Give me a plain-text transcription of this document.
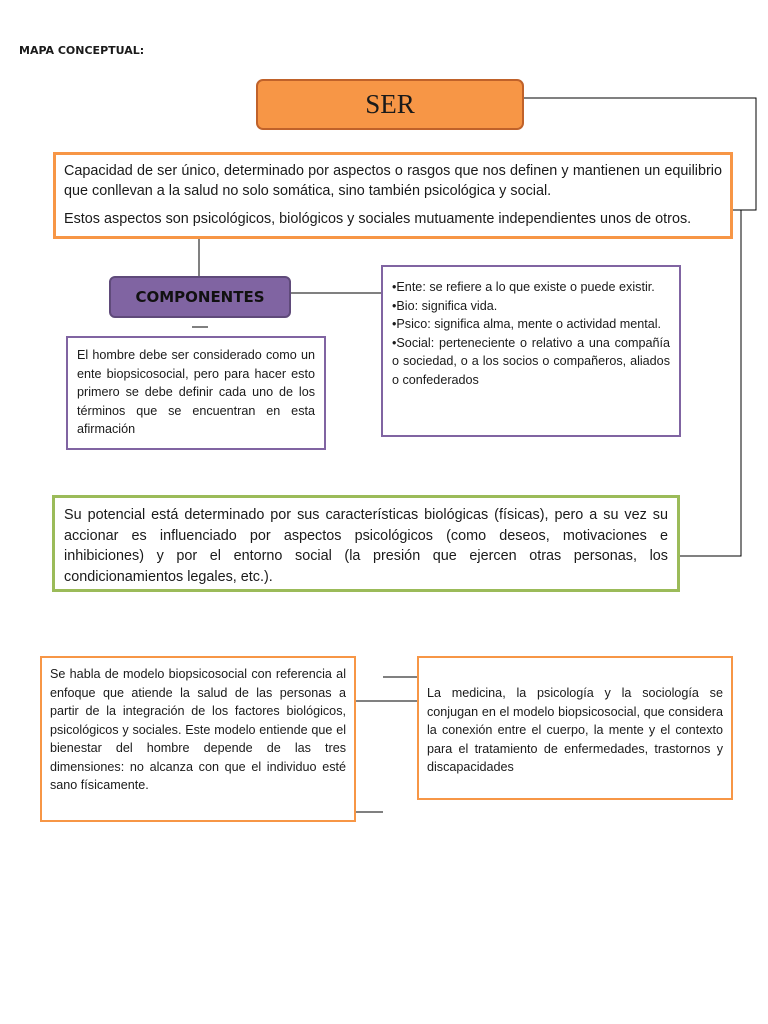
MAPA CONCEPTUAL:
SER

Capacidad de ser único, determinado por aspectos o rasgos que nos definen y mantienen un equilibrio que conllevan a la salud no solo somática, sino también psicológica y social.

Estos aspectos son psicológicos, biológicos y sociales mutuamente independientes unos de otros.

COMPONENTES
El hombre debe ser considerado como un ente biopsicosocial, pero para hacer esto primero se debe definir cada uno de los términos que se encuentran en esta afirmación
•Ente: se refiere a lo que existe o puede existir.
•Bio: significa vida.
•Psico: significa alma, mente o actividad mental.
•Social: perteneciente o relativo a una compañía o sociedad, o a los socios o compañeros, aliados o confederados
Su potencial está determinado por sus características biológicas (físicas), pero a su vez su accionar es influenciado por aspectos psicológicos (como deseos, motivaciones e inhibiciones) y por el entorno social (la presión que ejercen otras personas, los condicionamientos legales, etc.).
Se habla de modelo biopsicosocial con referencia al enfoque que atiende la salud de las personas a partir de la integración de los factores biológicos, psicológicos y sociales. Este modelo entiende que el bienestar del hombre depende de las tres dimensiones: no alcanza con que el individuo esté sano físicamente.
La medicina, la psicología y la sociología se conjugan en el modelo biopsicosocial, que considera la conexión entre el cuerpo, la mente y el contexto para el tratamiento de enfermedades, trastornos y discapacidades
